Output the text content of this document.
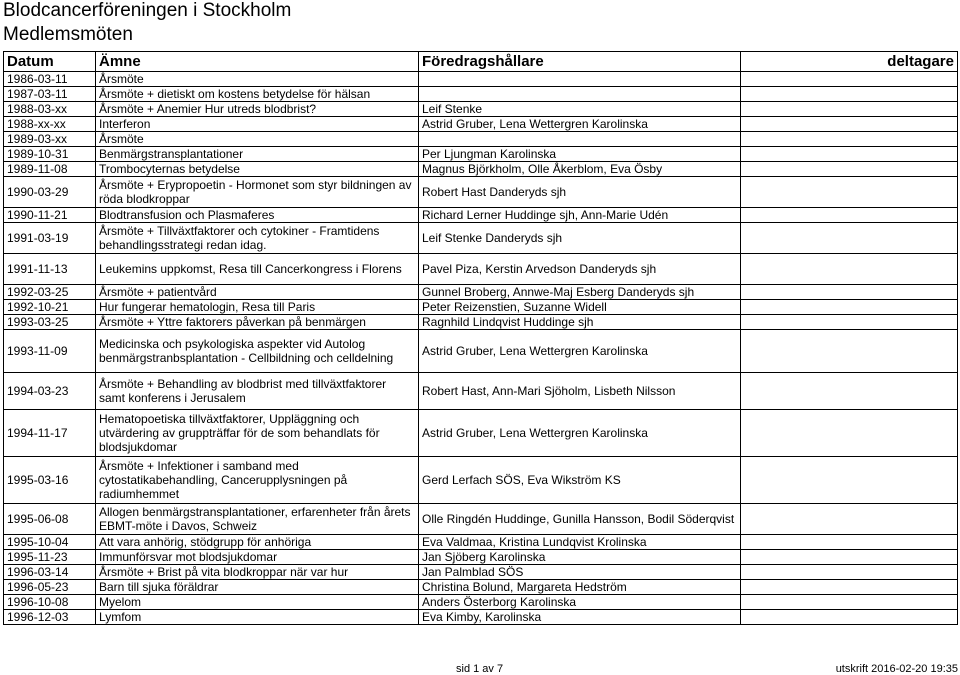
Blodcancerföreningen i Stockholm
Medlemsmöten
Datum	Ämne	Föredragshållare	deltagare
1986-03-11	Årsmöte		
1987-03-11	Årsmöte + dietiskt om kostens betydelse för hälsan		
1988-03-xx	Årsmöte + Anemier Hur utreds blodbrist?	Leif Stenke	
1988-xx-xx	Interferon	Astrid Gruber, Lena Wettergren Karolinska	
1989-03-xx	Årsmöte		
1989-10-31	Benmärgstransplantationer	Per Ljungman Karolinska	
1989-11-08	Trombocyternas betydelse	Magnus Björkholm, Olle Åkerblom, Eva Ösby	
1990-03-29	Årsmöte + Erypropoetin - Hormonet som styr bildningen av röda blodkroppar	Robert Hast Danderyds sjh	
1990-11-21	Blodtransfusion och Plasmaferes	Richard Lerner Huddinge sjh, Ann-Marie Udén	
1991-03-19	Årsmöte + Tillväxtfaktorer och cytokiner - Framtidens behandlingsstrategi redan idag.	Leif Stenke Danderyds sjh	
1991-11-13	Leukemins uppkomst, Resa till Cancerkongress i Florens	Pavel Piza, Kerstin Arvedson Danderyds sjh	
1992-03-25	Årsmöte + patientvård	Gunnel Broberg, Annwe-Maj Esberg Danderyds sjh	
1992-10-21	Hur fungerar hematologin, Resa till Paris	Peter Reizenstien, Suzanne Widell	
1993-03-25	Årsmöte + Yttre faktorers påverkan på benmärgen	Ragnhild Lindqvist Huddinge sjh	
1993-11-09	Medicinska och psykologiska aspekter vid Autolog benmärgstranbsplantation - Cellbildning och celldelning	Astrid Gruber, Lena Wettergren Karolinska	
1994-03-23	Årsmöte + Behandling av blodbrist med tillväxtfaktorer samt konferens i Jerusalem	Robert Hast, Ann-Mari Sjöholm, Lisbeth Nilsson	
1994-11-17	Hematopoetiska tillväxtfaktorer, Uppläggning och utvärdering av gruppträffar för de som behandlats för blodsjukdomar	Astrid Gruber, Lena Wettergren Karolinska	
1995-03-16	Årsmöte + Infektioner i samband med cytostatikabehandling, Cancerupplysningen på radiumhemmet	Gerd Lerfach SÖS, Eva Wikström KS	
1995-06-08	Allogen benmärgstransplantationer, erfarenheter från årets EBMT-möte i Davos, Schweiz	Olle Ringdén Huddinge, Gunilla Hansson, Bodil Söderqvist	
1995-10-04	Att vara anhörig, stödgrupp för anhöriga	Eva Valdmaa, Kristina Lundqvist Krolinska	
1995-11-23	Immunförsvar mot blodsjukdomar	Jan Sjöberg Karolinska	
1996-03-14	Årsmöte + Brist på vita blodkroppar när var hur	Jan Palmblad SÖS	
1996-05-23	Barn till sjuka föräldrar	Christina Bolund, Margareta Hedström	
1996-10-08	Myelom	Anders Österborg Karolinska	
1996-12-03	Lymfom	Eva Kimby, Karolinska	
sid 1 av 7	utskrift 2016-02-20 19:35
